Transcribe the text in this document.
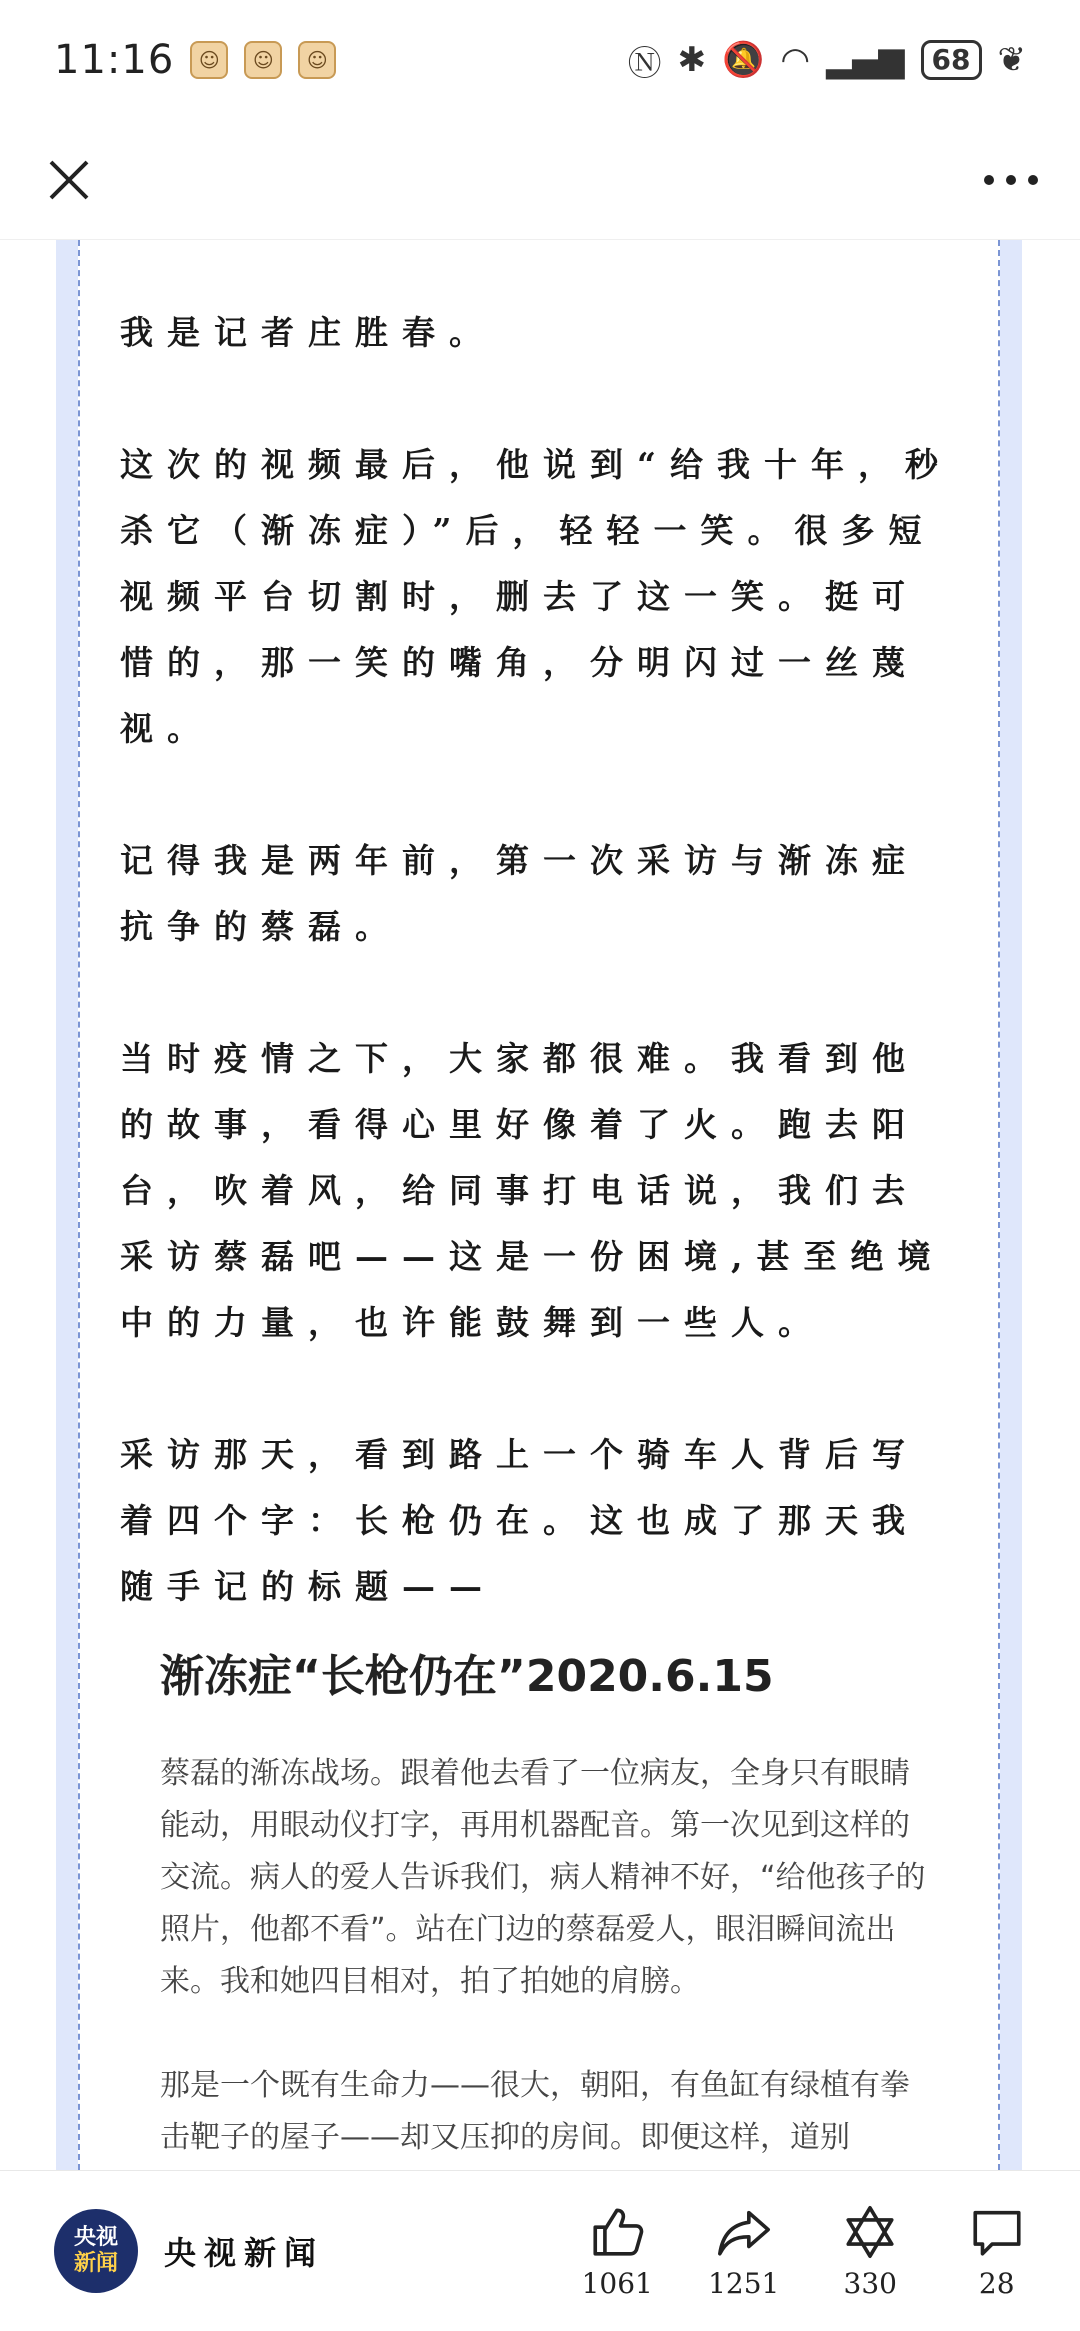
11:16	☺	☺	☺	Ⓝ ✱ 🔕 ◠ ▂▄▆ 68 ❦

我是记者庄胜春。

这次的视频最后，他说到“给我十年，秒杀它（渐冻症）”后，轻轻一笑。很多短视频平台切割时，删去了这一笑。挺可惜的，那一笑的嘴角，分明闪过一丝蔑视。

记得我是两年前，第一次采访与渐冻症抗争的蔡磊。

当时疫情之下，大家都很难。我看到他的故事，看得心里好像着了火。跑去阳台，吹着风，给同事打电话说，我们去采访蔡磊吧——这是一份困境,甚至绝境中的力量，也许能鼓舞到一些人。

采访那天，看到路上一个骑车人背后写着四个字：长枪仍在。这也成了那天我随手记的标题——

渐冻症“长枪仍在”2020.6.15

蔡磊的渐冻战场。跟着他去看了一位病友，全身只有眼睛能动，用眼动仪打字，再用机器配音。第一次见到这样的交流。病人的爱人告诉我们，病人精神不好，“给他孩子的照片，他都不看”。站在门边的蔡磊爱人，眼泪瞬间流出来。我和她四目相对，拍了拍她的肩膀。

那是一个既有生命力——很大，朝阳，有鱼缸有绿植有拳击靶子的屋子——却又压抑的房间。即便这样，道别

央视
新闻 央视新闻
1061 1251 330	28
